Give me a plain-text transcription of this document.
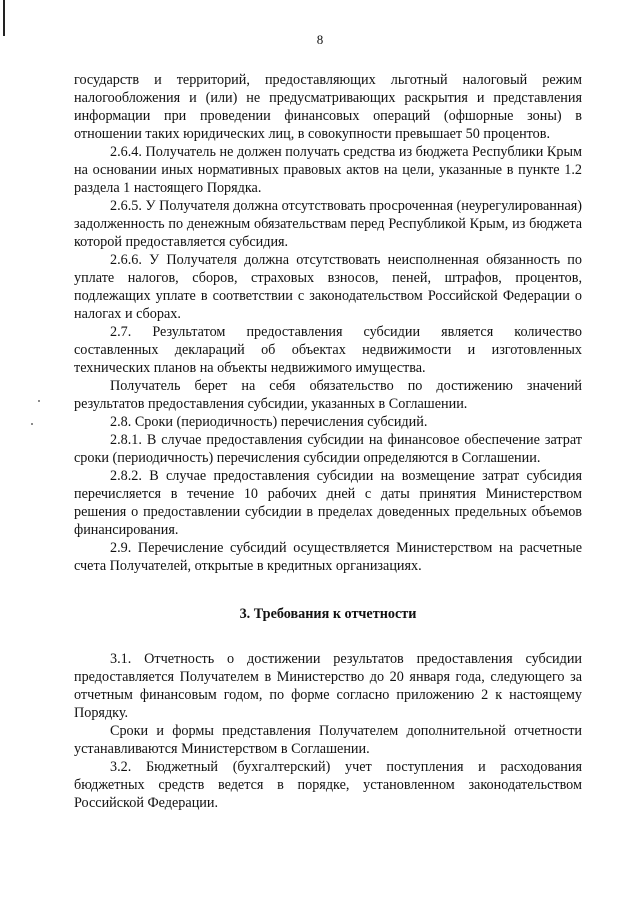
8

государств и территорий, предоставляющих льготный налоговый режим налогообложения и (или) не предусматривающих раскрытия и представления информации при проведении финансовых операций (офшорные зоны) в отношении таких юридических лиц, в совокупности превышает 50 процентов.

2.6.4. Получатель не должен получать средства из бюджета Республики Крым на основании иных нормативных правовых актов на цели, указанные в пункте 1.2 раздела 1 настоящего Порядка.

2.6.5. У Получателя должна отсутствовать просроченная (неурегулированная) задолженность по денежным обязательствам перед Республикой Крым, из бюджета которой предоставляется субсидия.

2.6.6. У Получателя должна отсутствовать неисполненная обязанность по уплате налогов, сборов, страховых взносов, пеней, штрафов, процентов, подлежащих уплате в соответствии с законодательством Российской Федерации о налогах и сборах.

2.7. Результатом предоставления субсидии является количество составленных деклараций об объектах недвижимости и изготовленных технических планов на объекты недвижимого имущества.

Получатель берет на себя обязательство по достижению значений результатов предоставления субсидии, указанных в Соглашении.

2.8. Сроки (периодичность) перечисления субсидий.

2.8.1. В случае предоставления субсидии на финансовое обеспечение затрат сроки (периодичность) перечисления субсидии определяются в Соглашении.

2.8.2. В случае предоставления субсидии на возмещение затрат субсидия перечисляется в течение 10 рабочих дней с даты принятия Министерством решения о предоставлении субсидии в пределах доведенных предельных объемов финансирования.

2.9. Перечисление субсидий осуществляется Министерством на расчетные счета Получателей, открытые в кредитных организациях.

3. Требования к отчетности

3.1. Отчетность о достижении результатов предоставления субсидии предоставляется Получателем в Министерство до 20 января года, следующего за отчетным финансовым годом, по форме согласно приложению 2 к настоящему Порядку.

Сроки и формы представления Получателем дополнительной отчетности устанавливаются Министерством в Соглашении.

3.2. Бюджетный (бухгалтерский) учет поступления и расходования бюджетных средств ведется в порядке, установленном законодательством Российской Федерации.
